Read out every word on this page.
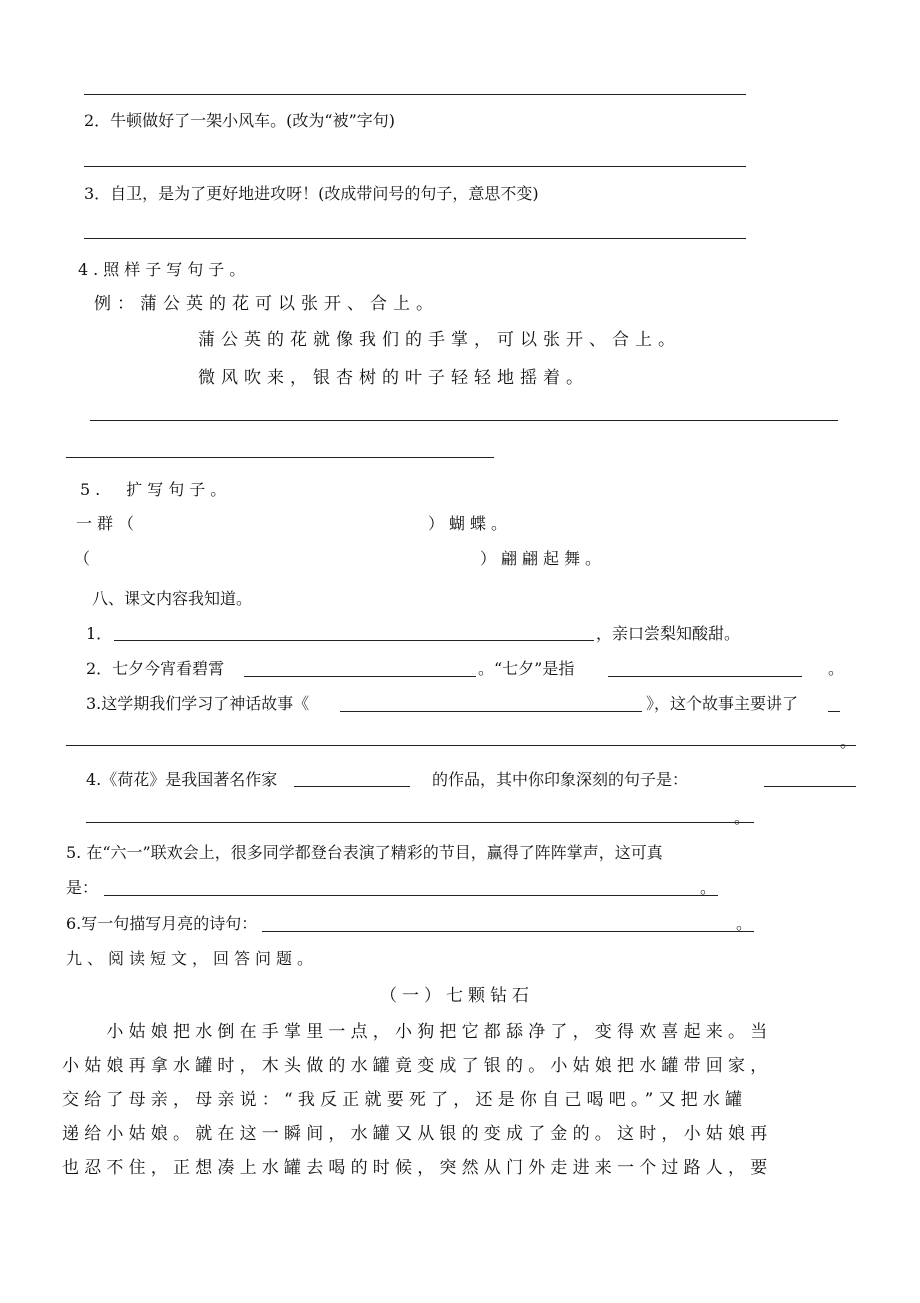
2．牛顿做好了一架小风车。(改为“被”字句)
3．自卫，是为了更好地进攻呀！(改成带问号的句子，意思不变)
4.照样子写句子。
例：蒲公英的花可以张开、合上。
蒲公英的花就像我们的手掌，可以张开、合上。
微风吹来，银杏树的叶子轻轻地摇着。
5.　扩写句子。
一群（	）蝴蝶。
（	）翩翩起舞。
八、课文内容我知道。
1．	，亲口尝梨知酸甜。
2．七夕今宵看碧霄	。“七夕”是指	。
3.这学期我们学习了神话故事《	》，这个故事主要讲了
。
4.《荷花》是我国著名作家	的作品，其中你印象深刻的句子是：
。
5. 在“六一”联欢会上，很多同学都登台表演了精彩的节目，赢得了阵阵掌声，这可真
是：	。
6.写一句描写月亮的诗句：	。
九、阅读短文，回答问题。
（一）七颗钻石

　　小姑娘把水倒在手掌里一点，小狗把它都舔净了，变得欢喜起来。当

小姑娘再拿水罐时，木头做的水罐竟变成了银的。小姑娘把水罐带回家，

交给了母亲，母亲说：“我反正就要死了，还是你自己喝吧。”又把水罐

递给小姑娘。就在这一瞬间，水罐又从银的变成了金的。这时，小姑娘再

也忍不住，正想凑上水罐去喝的时候，突然从门外走进来一个过路人，要
